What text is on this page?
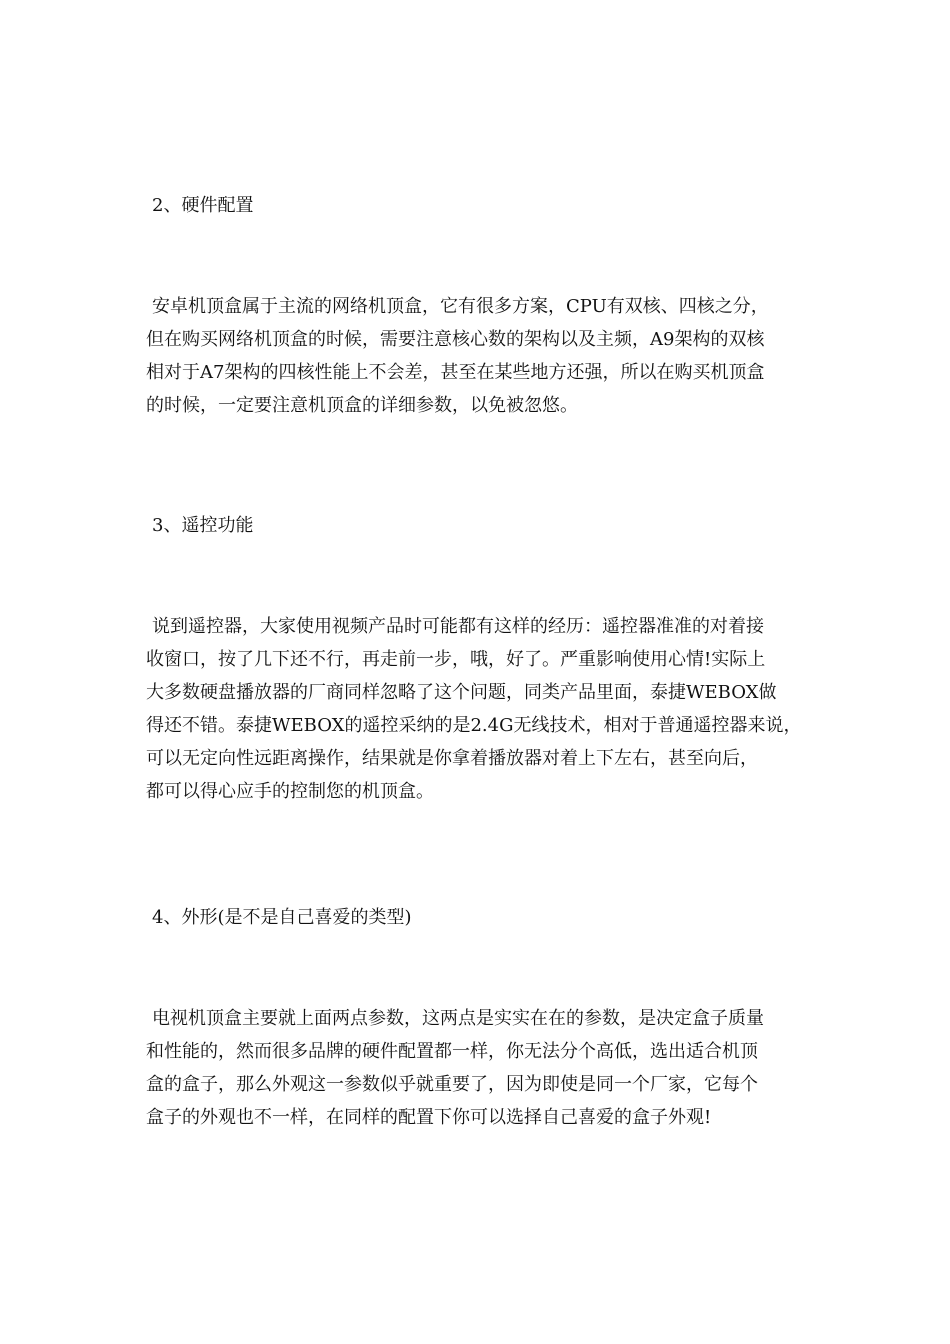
2、硬件配置
安卓机顶盒属于主流的网络机顶盒，它有很多方案，CPU有双核、四核之分，
但在购买网络机顶盒的时候，需要注意核心数的架构以及主频，A9架构的双核
相对于A7架构的四核性能上不会差，甚至在某些地方还强，所以在购买机顶盒
的时候，一定要注意机顶盒的详细参数，以免被忽悠。
3、遥控功能
说到遥控器，大家使用视频产品时可能都有这样的经历：遥控器准准的对着接
收窗口，按了几下还不行，再走前一步，哦，好了。严重影响使用心情!实际上
大多数硬盘播放器的厂商同样忽略了这个问题，同类产品里面，泰捷WEBOX做
得还不错。泰捷WEBOX的遥控采纳的是2.4G无线技术，相对于普通遥控器来说，
可以无定向性远距离操作，结果就是你拿着播放器对着上下左右，甚至向后，
都可以得心应手的控制您的机顶盒。
4、外形(是不是自己喜爱的类型)
电视机顶盒主要就上面两点参数，这两点是实实在在的参数，是决定盒子质量
和性能的，然而很多品牌的硬件配置都一样，你无法分个高低，选出适合机顶
盒的盒子，那么外观这一参数似乎就重要了，因为即使是同一个厂家，它每个
盒子的外观也不一样，在同样的配置下你可以选择自己喜爱的盒子外观!
